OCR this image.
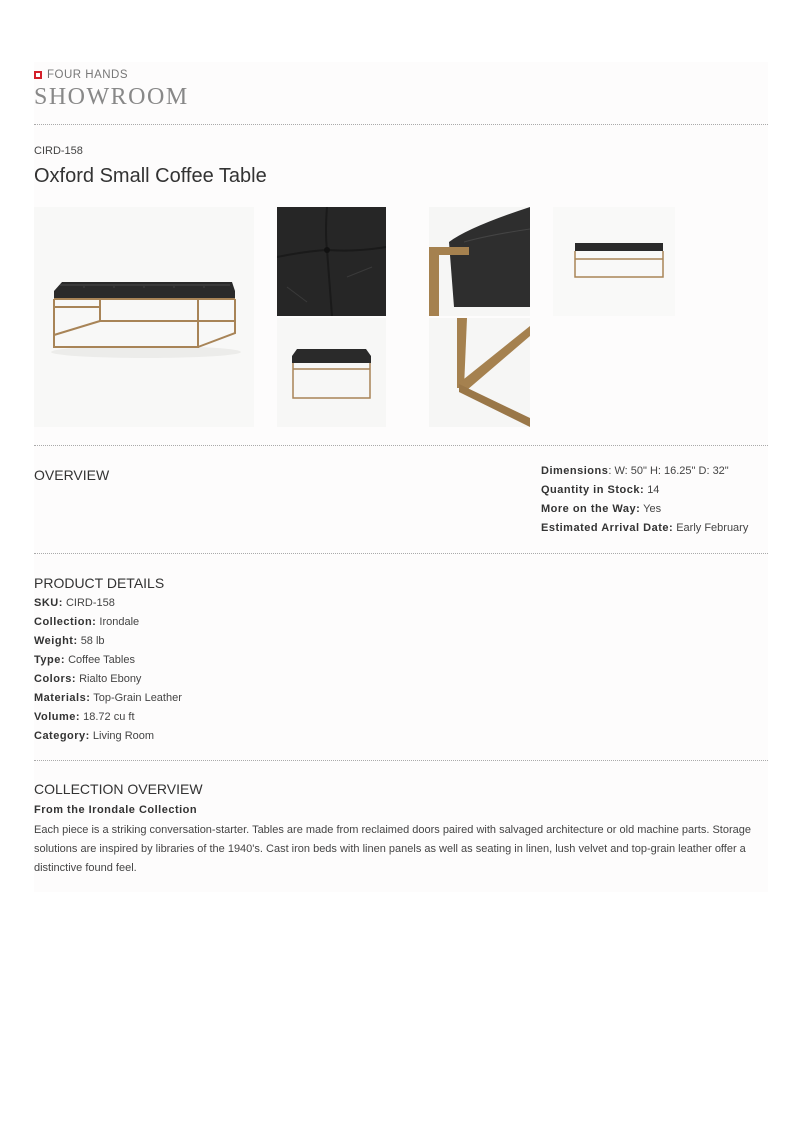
FOUR HANDS
SHOWROOM
CIRD-158
Oxford Small Coffee Table
OVERVIEW	Dimensions: W: 50" H: 16.25" D: 32"
Quantity in Stock: 14
More on the Way: Yes
Estimated Arrival Date: Early February
PRODUCT DETAILS
SKU: CIRD-158
Collection: Irondale
Weight: 58 lb
Type: Coffee Tables
Colors: Rialto Ebony
Materials: Top-Grain Leather
Volume: 18.72 cu ft
Category: Living Room
COLLECTION OVERVIEW
From the Irondale Collection
Each piece is a striking conversation-starter. Tables are made from reclaimed doors paired with salvaged architecture or old machine parts. Storage
solutions are inspired by libraries of the 1940's. Cast iron beds with linen panels as well as seating in linen, lush velvet and top-grain leather offer a
distinctive found feel.
